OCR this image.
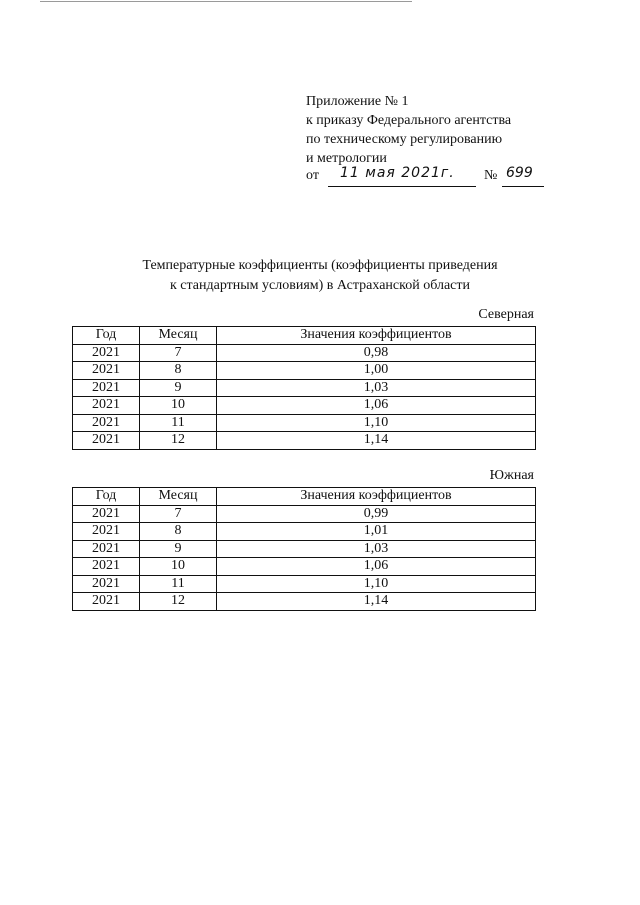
Приложение № 1
к приказу Федерального агентства
по техническому регулированию
и метрологии
от 11 мая 2021г. № 699
Температурные коэффициенты (коэффициенты приведения
к стандартным условиям) в Астраханской области
Северная
Год	Месяц	Значения коэффициентов
2021	7	0,98
2021	8	1,00
2021	9	1,03
2021	10	1,06
2021	11	1,10
2021	12	1,14
Южная
Год	Месяц	Значения коэффициентов
2021	7	0,99
2021	8	1,01
2021	9	1,03
2021	10	1,06
2021	11	1,10
2021	12	1,14
